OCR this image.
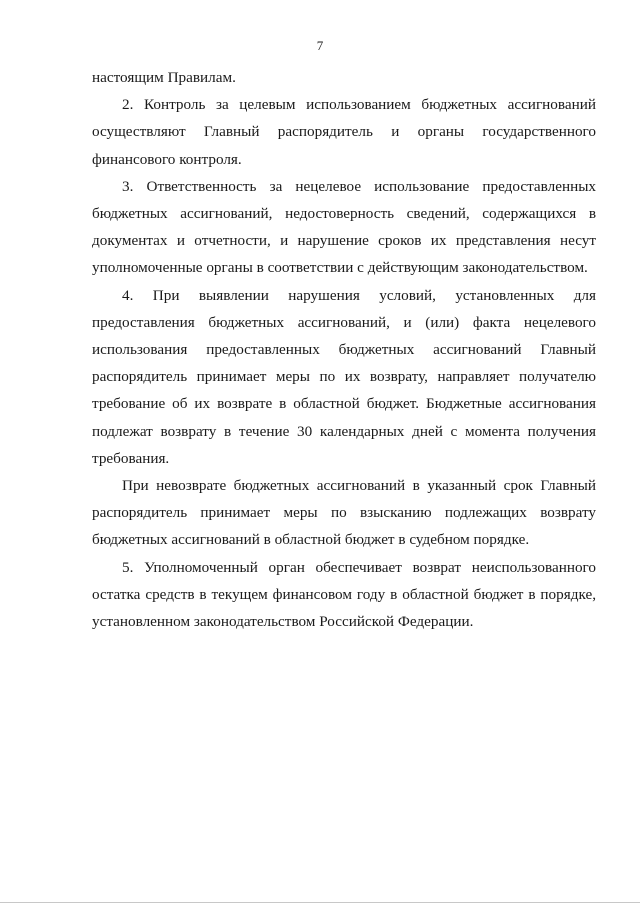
7

настоящим Правилам.

2. Контроль за целевым использованием бюджетных ассигнований осуществляют Главный распорядитель и органы государственного финансового контроля.

3. Ответственность за нецелевое использование предоставленных бюджетных ассигнований, недостоверность сведений, содержащихся в документах и отчетности, и нарушение сроков их представления несут уполномоченные органы в соответствии с действующим законодательством.

4. При выявлении нарушения условий, установленных для предоставления бюджетных ассигнований, и (или) факта нецелевого использования предоставленных бюджетных ассигнований Главный распорядитель принимает меры по их возврату, направляет получателю требование об их возврате в областной бюджет. Бюджетные ассигнования подлежат возврату в течение 30 календарных дней с момента получения требования.

При невозврате бюджетных ассигнований в указанный срок Главный распорядитель принимает меры по взысканию подлежащих возврату бюджетных ассигнований в областной бюджет в судебном порядке.

5. Уполномоченный орган обеспечивает возврат неиспользованного остатка средств в текущем финансовом году в областной бюджет в порядке, установленном законодательством Российской Федерации.
